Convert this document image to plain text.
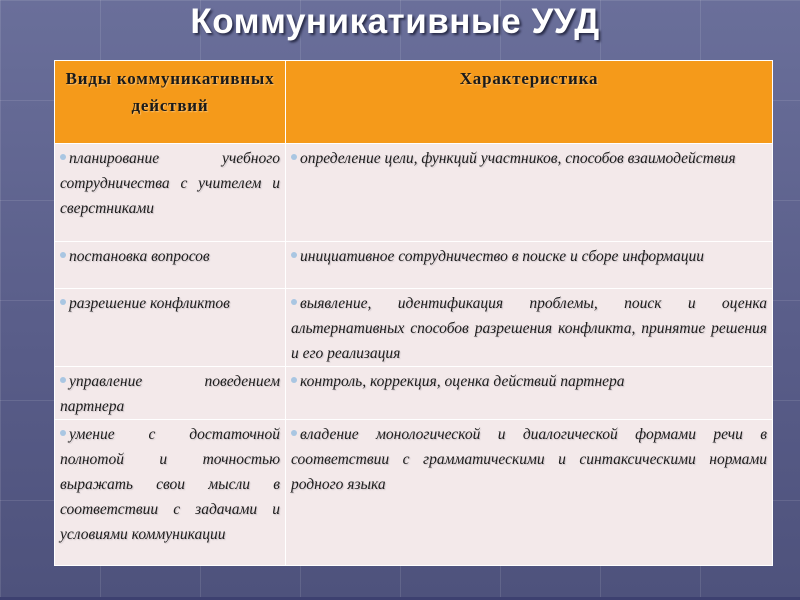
Коммуникативные УУД
Виды коммуникативных действий	Характеристика
планирование учебного сотрудничества с учителем и сверстниками	определение цели, функций участников, способов взаимодействия
постановка вопросов	инициативное сотрудничество в поиске и сборе информации
разрешение конфликтов	выявление, идентификация проблемы, поиск и оценка альтернативных способов разрешения конфликта, принятие решения и его реализация
управление поведением партнера	контроль, коррекция, оценка действий партнера
умение с достаточной полнотой и точностью выражать свои мысли в соответствии с задачами и условиями коммуникации	владение монологической и диалогической формами речи в соответствии с грамматическими и синтаксическими нормами родного языка
